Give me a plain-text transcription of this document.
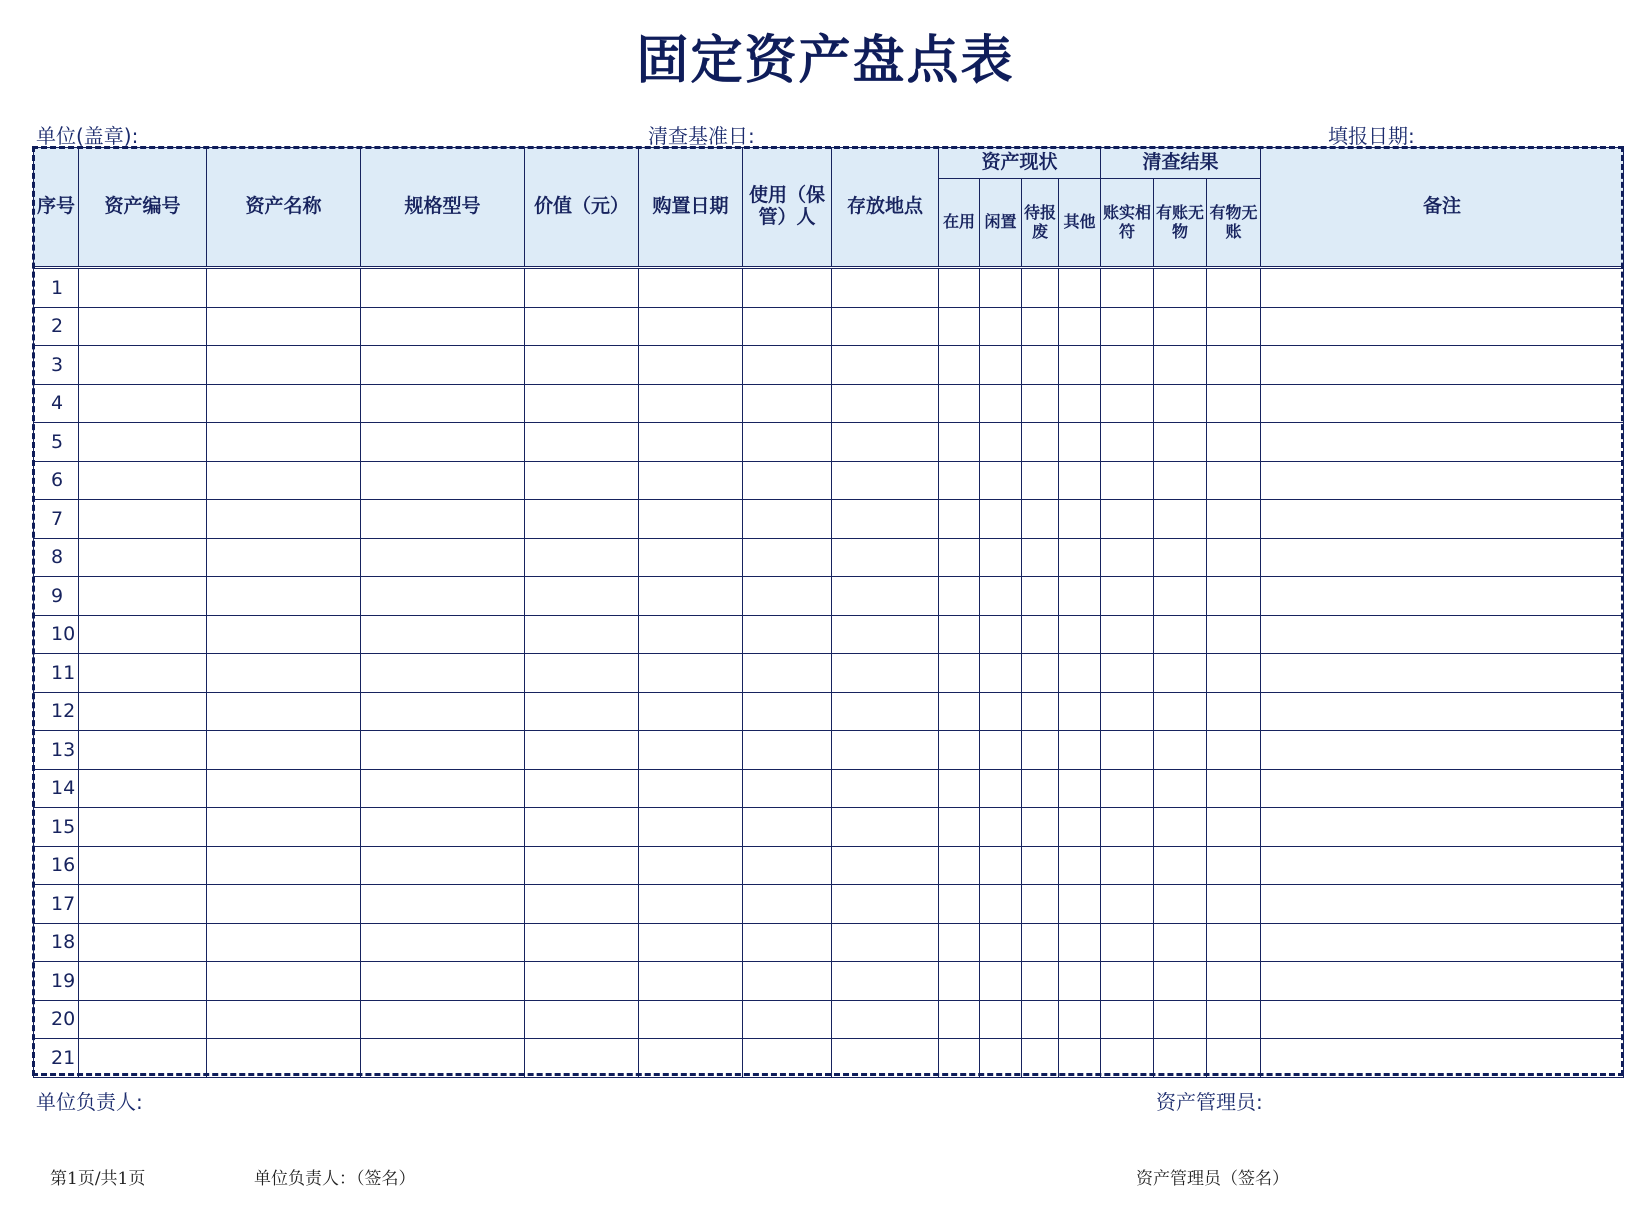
固定资产盘点表
单位(盖章):	清查基准日:	填报日期:
序号	资产编号	资产名称	规格型号	价值（元）	购置日期	使用（保管）人	存放地点	资产现状				清查结果			备注
								在用	闲置	待报废	其他	账实相符	有账无物	有物无账	
1															
2															
3															
4															
5															
6															
7															
8															
9															
10															
11															
12															
13															
14															
15															
16															
17															
18															
19															
20															
21															
单位负责人:	资产管理员:
第1页/共1页	单位负责人：（签名）	资产管理员（签名）
